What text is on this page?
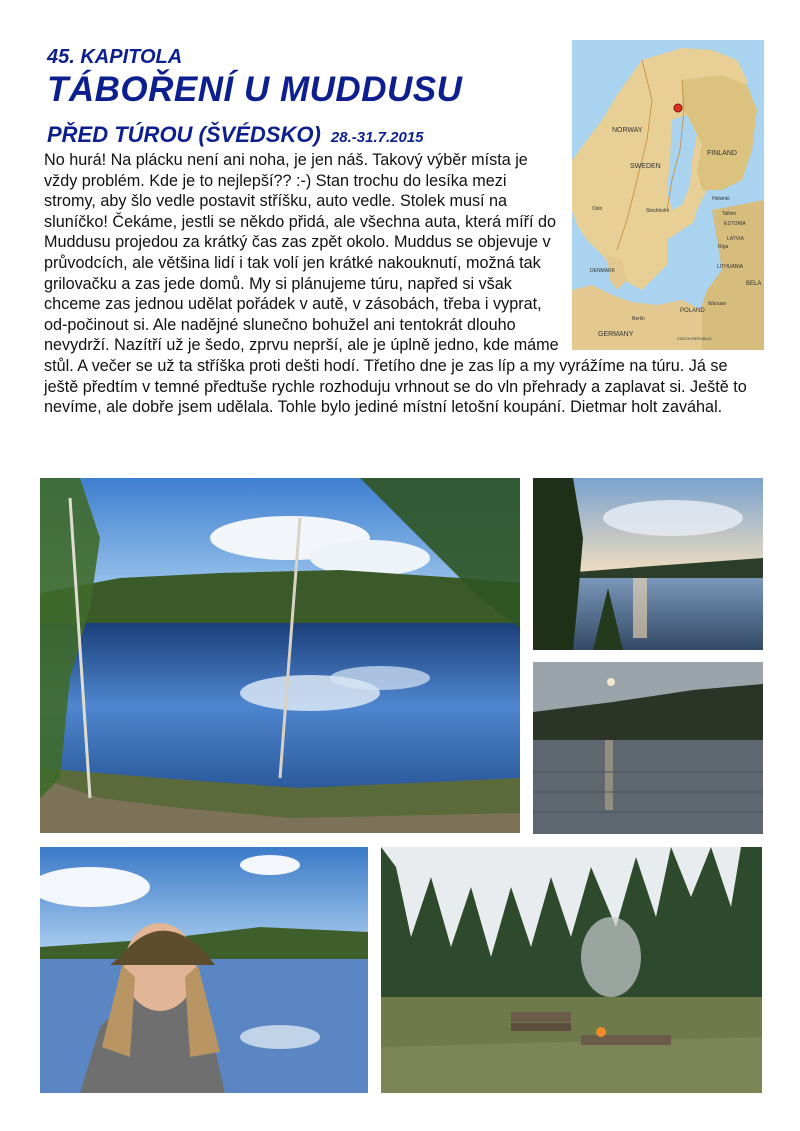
45. KAPITOLA
TÁBOŘENÍ U MUDDUSU
PŘED TÚROU (ŠVÉDSKO) 28.-31.7.2015	NORWAY
SWEDEN
FINLAND
Oslo	Stockholm
Helsinki
Tallinn
ESTONIA
LATVIA
Riga
LITHUANIA
BELA
DENMARK
Berlin
POLAND
Warsaw
GERMANY
CZECH REPUBLIC
No hurá! Na plácku není ani noha, je jen náš. Takový výběr místa je vždy problém. Kde je to nejlepší?? :-) Stan trochu do lesíka mezi stromy, aby šlo vedle postavit stříšku, auto vedle. Stolek musí na sluníčko! Čekáme, jestli se někdo přidá, ale všechna auta, která míří do Muddusu projedou za krátký čas zas zpět okolo. Muddus se objevuje v průvodcích, ale většina lidí i tak volí jen krátké nakouknutí, možná tak grilovačku a zas jede domů. My si plánujeme túru, napřed si však chceme zas jednou udělat pořádek v autě, v zásobách, třeba i vyprat, od-počinout si. Ale nadějné slunečno bohužel ani tentokrát dlouho nevydrží. Nazítří už je šedo, zprvu neprší, ale je úplně jedno, kde máme stůl. A večer se už ta stříška proti dešti hodí. Třetího dne je zas líp a my vyrážíme na túru. Já se ještě předtím v temné předtuše rychle rozhoduju vrhnout se do vln přehrady a zaplavat si. Ještě to nevíme, ale dobře jsem udělala. Tohle bylo jediné místní letošní koupání. Dietmar holt zaváhal.
